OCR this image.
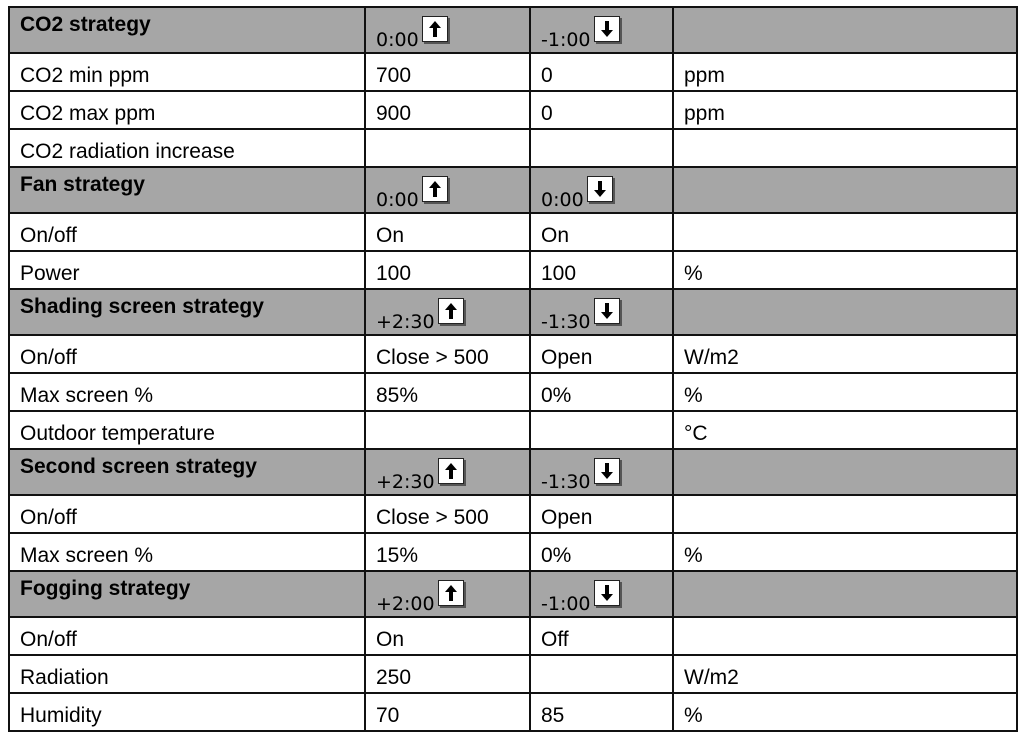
CO2 strategy	0:00	-1:00

CO2 min ppm	700	0	ppm
CO2 max ppm	900	0	ppm
CO2 radiation increase			
Fan strategy	0:00	0:00

On/off	On	On	
Power	100	100	%
Shading screen strategy	+2:30	-1:30

On/off	Close > 500	Open	W/m2
Max screen %	85%	0%	%
Outdoor temperature			°C
Second screen strategy	+2:30	-1:30

On/off	Close > 500	Open	
Max screen %	15%	0%	%
Fogging strategy	+2:00	-1:00

On/off	On	Off	
Radiation	250		W/m2
Humidity	70	85	%
